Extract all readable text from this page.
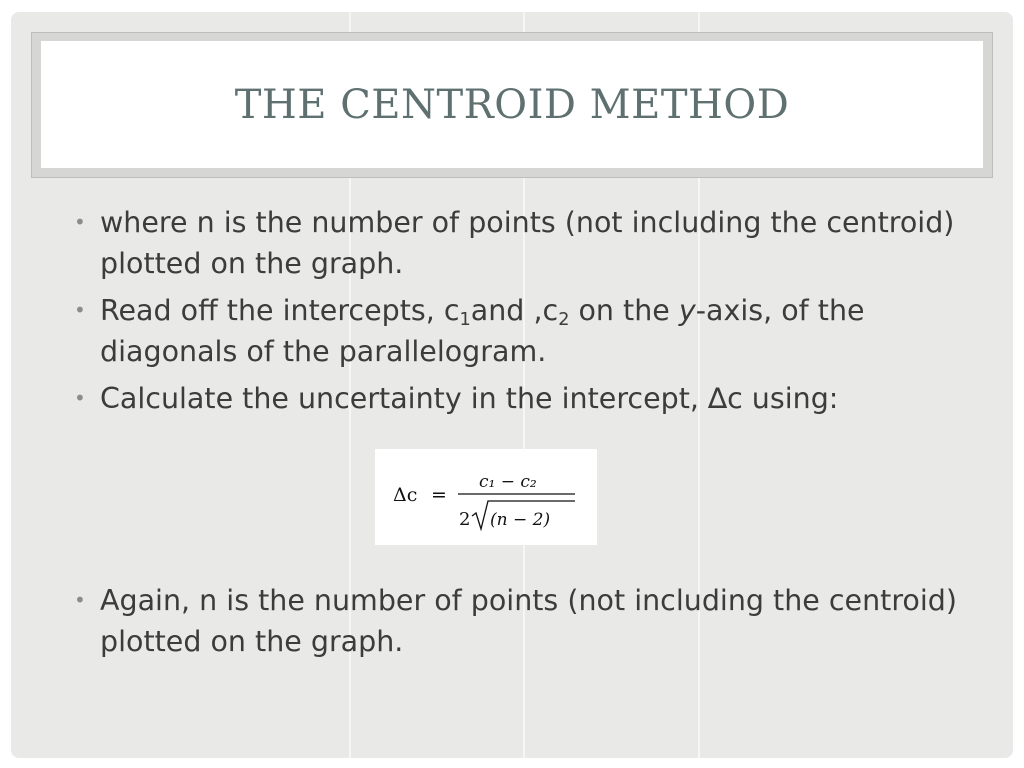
THE CENTROID METHOD
• where n is the number of points (not including the centroid) plotted on the graph.
• Read off the intercepts, $c_1and$ $,c_2$ on the y-axis, of the diagonals of the parallelogram.
• Calculate the uncertainty in the intercept, ∆c using:
Δc =
c₁ − c₂
2 (n − 2)
• Again, n is the number of points (not including the centroid) plotted on the graph.
